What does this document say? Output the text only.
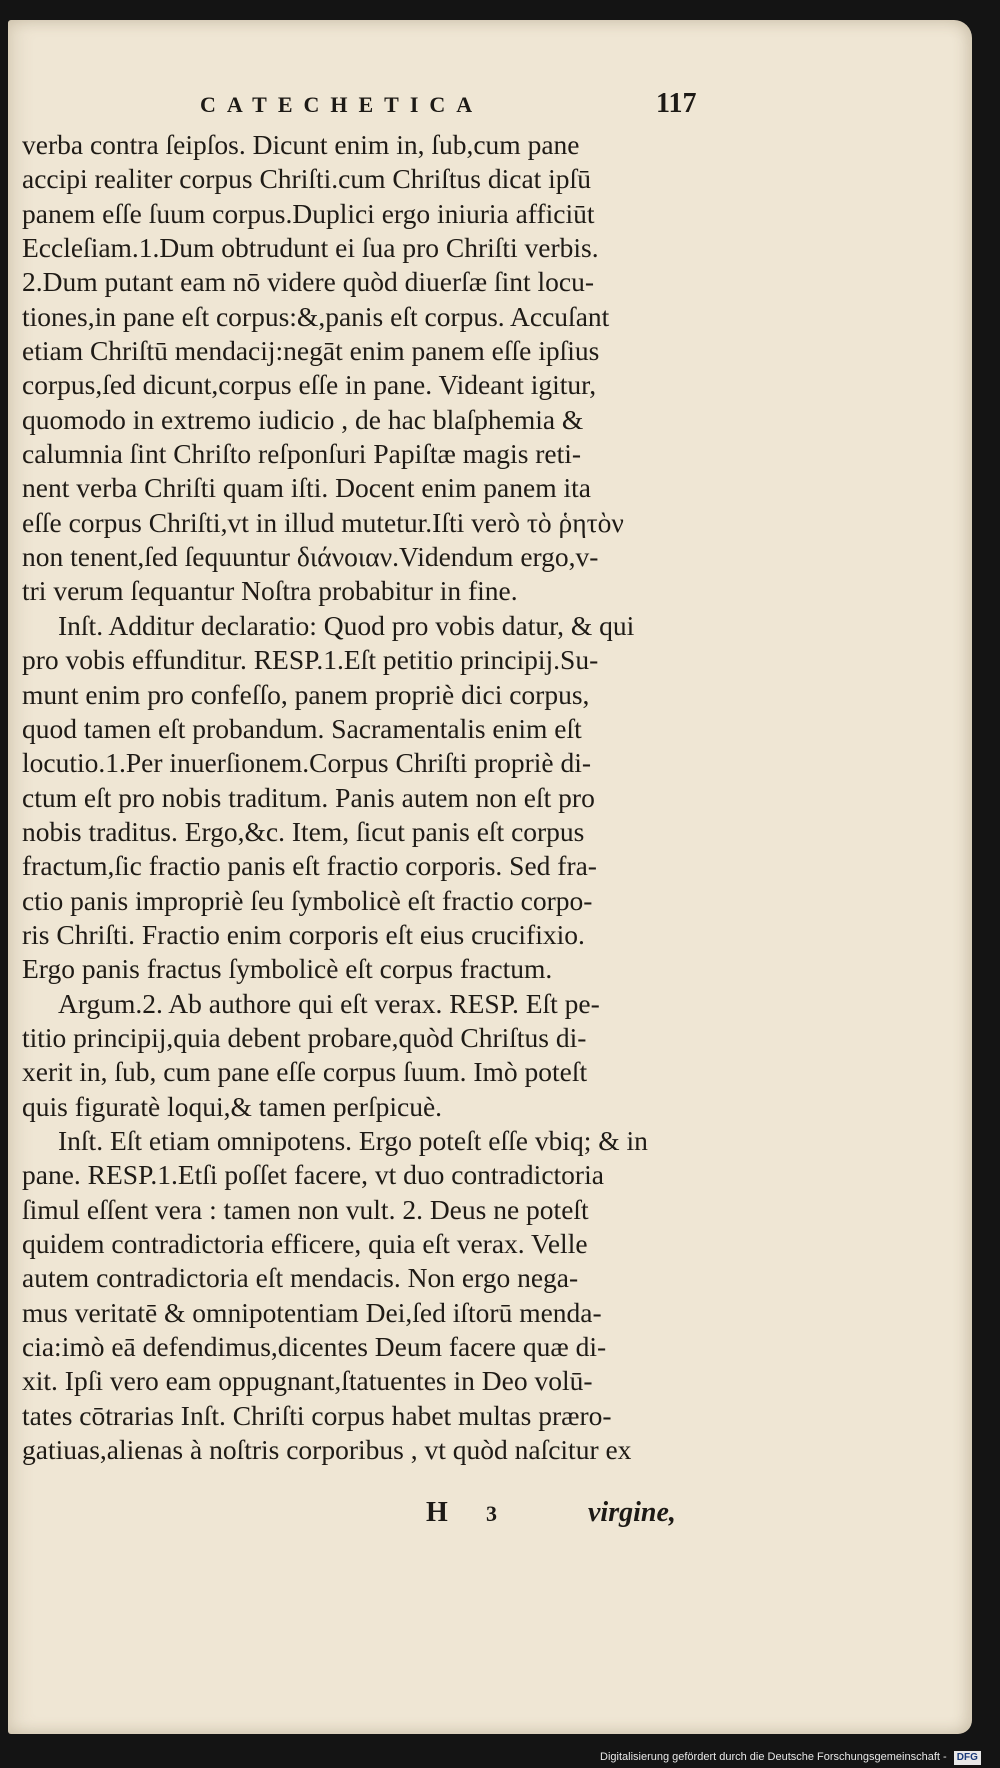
CATECHETICA	117
verba contra ſeipſos. Dicunt enim in, ſub,cum pane
accipi realiter corpus Chriſti.cum Chriſtus dicat ipſū
panem eſſe ſuum corpus.Duplici ergo iniuria afficiūt
Eccleſiam.1.Dum obtrudunt ei ſua pro Chriſti verbis.
2.Dum putant eam nō videre quòd diuerſæ ſint locu-
tiones,in pane eſt corpus:&,panis eſt corpus. Accuſant
etiam Chriſtū mendacij:negāt enim panem eſſe ipſius
corpus,ſed dicunt,corpus eſſe in pane. Videant igitur,
quomodo in extremo iudicio , de hac blaſphemia &
calumnia ſint Chriſto reſponſuri Papiſtæ magis reti-
nent verba Chriſti quam iſti. Docent enim panem ita
eſſe corpus Chriſti,vt in illud mutetur.Iſti verò τὸ ῥητὸν
non tenent,ſed ſequuntur διάνοιαν.Videndum ergo,v-
tri verum ſequantur Noſtra probabitur in fine.
Inſt. Additur declaratio: Quod pro vobis datur, & qui
pro vobis effunditur. RESP.1.Eſt petitio principij.Su-
munt enim pro confeſſo, panem propriè dici corpus,
quod tamen eſt probandum. Sacramentalis enim eſt
locutio.1.Per inuerſionem.Corpus Chriſti propriè di-
ctum eſt pro nobis traditum. Panis autem non eſt pro
nobis traditus. Ergo,&c. Item, ſicut panis eſt corpus
fractum,ſic fractio panis eſt fractio corporis. Sed fra-
ctio panis impropriè ſeu ſymbolicè eſt fractio corpo-
ris Chriſti. Fractio enim corporis eſt eius crucifixio.
Ergo panis fractus ſymbolicè eſt corpus fractum.
Argum.2. Ab authore qui eſt verax. RESP. Eſt pe-
titio principij,quia debent probare,quòd Chriſtus di-
xerit in, ſub, cum pane eſſe corpus ſuum. Imò poteſt
quis figuratè loqui,& tamen perſpicuè.
Inſt. Eſt etiam omnipotens. Ergo poteſt eſſe vbiq; & in
pane. RESP.1.Etſi poſſet facere, vt duo contradictoria
ſimul eſſent vera : tamen non vult. 2. Deus ne poteſt
quidem contradictoria efficere, quia eſt verax. Velle
autem contradictoria eſt mendacis. Non ergo nega-
mus veritatē & omnipotentiam Dei,ſed iſtorū menda-
cia:imò eā defendimus,dicentes Deum facere quæ di-
xit. Ipſi vero eam oppugnant,ſtatuentes in Deo volū-
tates cōtrarias Inſt. Chriſti corpus habet multas præro-
gatiuas,alienas à noſtris corporibus , vt quòd naſcitur ex
H 3	virgine,
Digitalisierung gefördert durch die Deutsche Forschungsgemeinschaft - DFG
